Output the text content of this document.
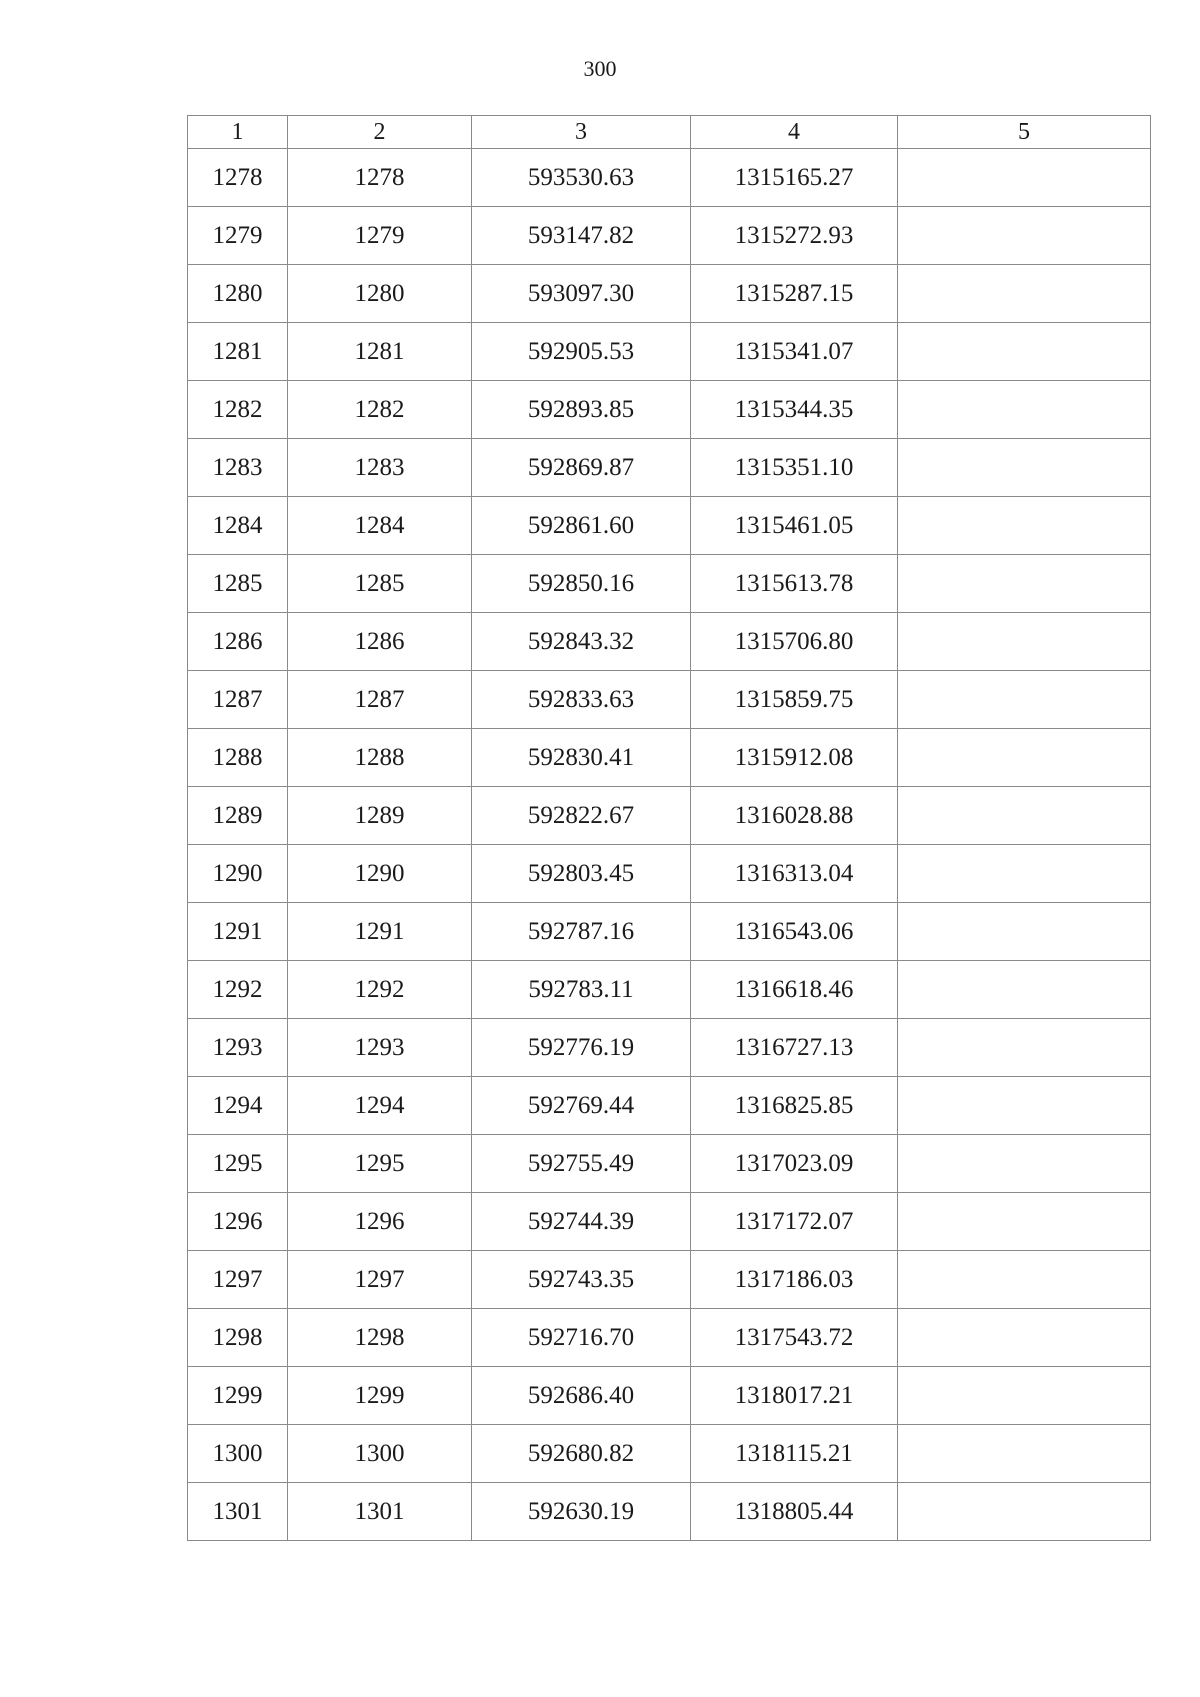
300
1	2	3	4	5
1278	1278	593530.63	1315165.27	
1279	1279	593147.82	1315272.93	
1280	1280	593097.30	1315287.15	
1281	1281	592905.53	1315341.07	
1282	1282	592893.85	1315344.35	
1283	1283	592869.87	1315351.10	
1284	1284	592861.60	1315461.05	
1285	1285	592850.16	1315613.78	
1286	1286	592843.32	1315706.80	
1287	1287	592833.63	1315859.75	
1288	1288	592830.41	1315912.08	
1289	1289	592822.67	1316028.88	
1290	1290	592803.45	1316313.04	
1291	1291	592787.16	1316543.06	
1292	1292	592783.11	1316618.46	
1293	1293	592776.19	1316727.13	
1294	1294	592769.44	1316825.85	
1295	1295	592755.49	1317023.09	
1296	1296	592744.39	1317172.07	
1297	1297	592743.35	1317186.03	
1298	1298	592716.70	1317543.72	
1299	1299	592686.40	1318017.21	
1300	1300	592680.82	1318115.21	
1301	1301	592630.19	1318805.44	
